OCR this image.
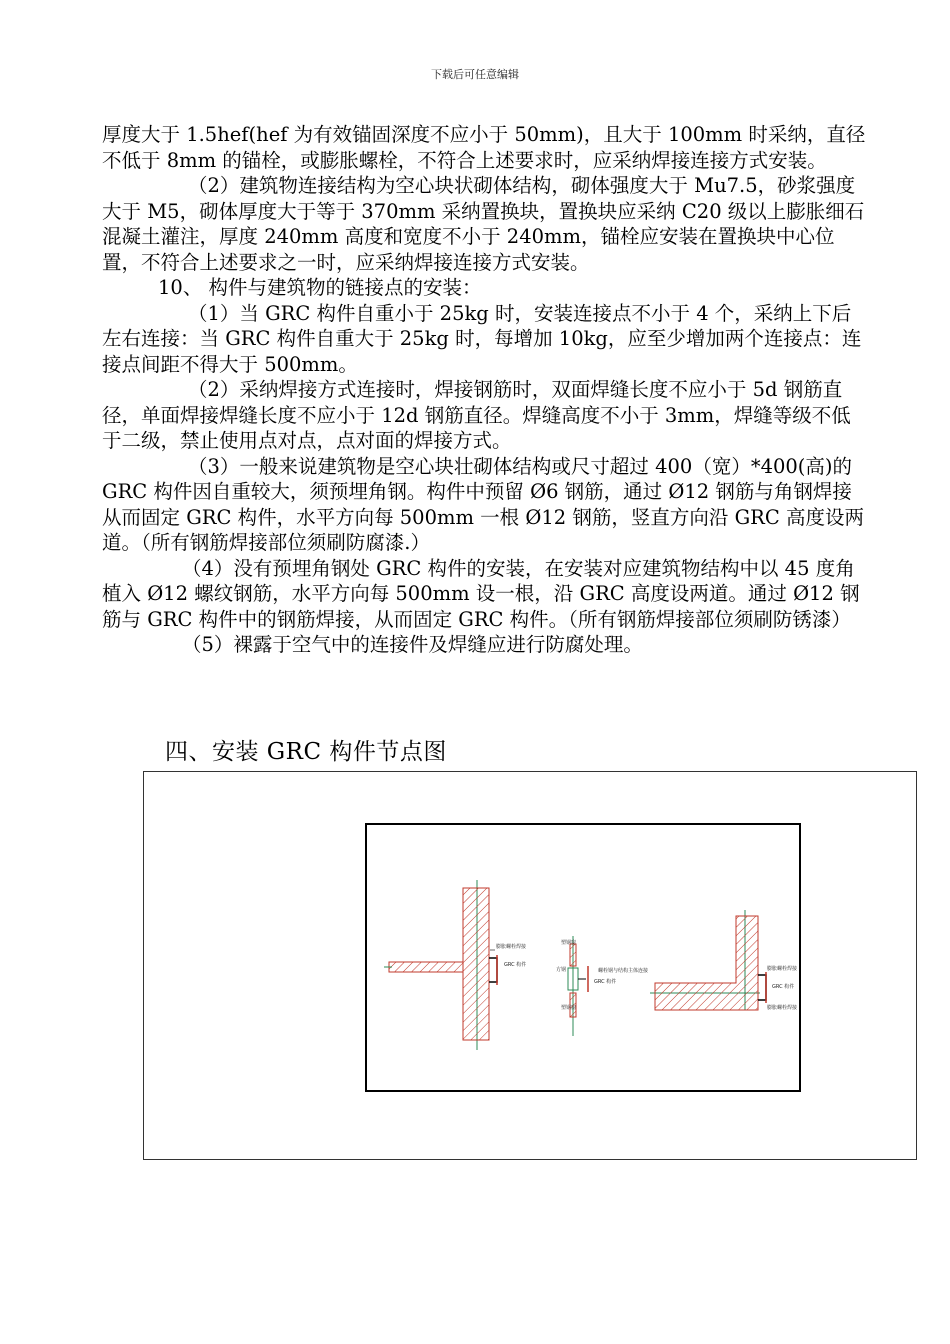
下载后可任意编辑

厚度大于 1.5hef(hef 为有效锚固深度不应小于 50mm)，且大于 100mm 时采纳，直径不低于 8mm 的锚栓，或膨胀螺栓，不符合上述要求时，应采纳焊接连接方式安装。

（2）建筑物连接结构为空心块状砌体结构，砌体强度大于 Mu7.5，砂浆强度大于 M5，砌体厚度大于等于 370mm 采纳置换块，置换块应采纳 C20 级以上膨胀细石混凝土灌注，厚度 240mm 高度和宽度不小于 240mm，锚栓应安装在置换块中心位置，不符合上述要求之一时，应采纳焊接连接方式安装。

10、 构件与建筑物的链接点的安装：

（1）当 GRC 构件自重小于 25kg 时，安装连接点不小于 4 个，采纳上下后左右连接：当 GRC 构件自重大于 25kg 时，每增加 10kg，应至少增加两个连接点：连接点间距不得大于 500mm。

（2）采纳焊接方式连接时，焊接钢筋时，双面焊缝长度不应小于 5d 钢筋直径，单面焊接焊缝长度不应小于 12d 钢筋直径。焊缝高度不小于 3mm，焊缝等级不低于二级，禁止使用点对点，点对面的焊接方式。

（3）一般来说建筑物是空心块壮砌体结构或尺寸超过 400（宽）*400(高)的 GRC 构件因自重较大，须预埋角钢。构件中预留 Ø6 钢筋，通过 Ø12 钢筋与角钢焊接从而固定 GRC 构件，水平方向每 500mm 一根 Ø12 钢筋，竖直方向沿 GRC 高度设两道。（所有钢筋焊接部位须刷防腐漆.）

（4）没有预埋角钢处 GRC 构件的安装，在安装对应建筑物结构中以 45 度角植入 Ø12 螺纹钢筋，水平方向每 500mm 设一根，沿 GRC 高度设两道。通过 Ø12 钢筋与 GRC 构件中的钢筋焊接，从而固定 GRC 构件。（所有钢筋焊接部位须刷防锈漆）

（5）裸露于空气中的连接件及焊缝应进行防腐处理。

四、安装 GRC 构件节点图
膨胀螺栓焊接
GRC 构件
塑钢窗
方钢	螺栓钢与结构主体连接
GRC 构件
塑钢窗
膨胀螺栓焊接
GRC 构件
膨胀螺栓焊接
